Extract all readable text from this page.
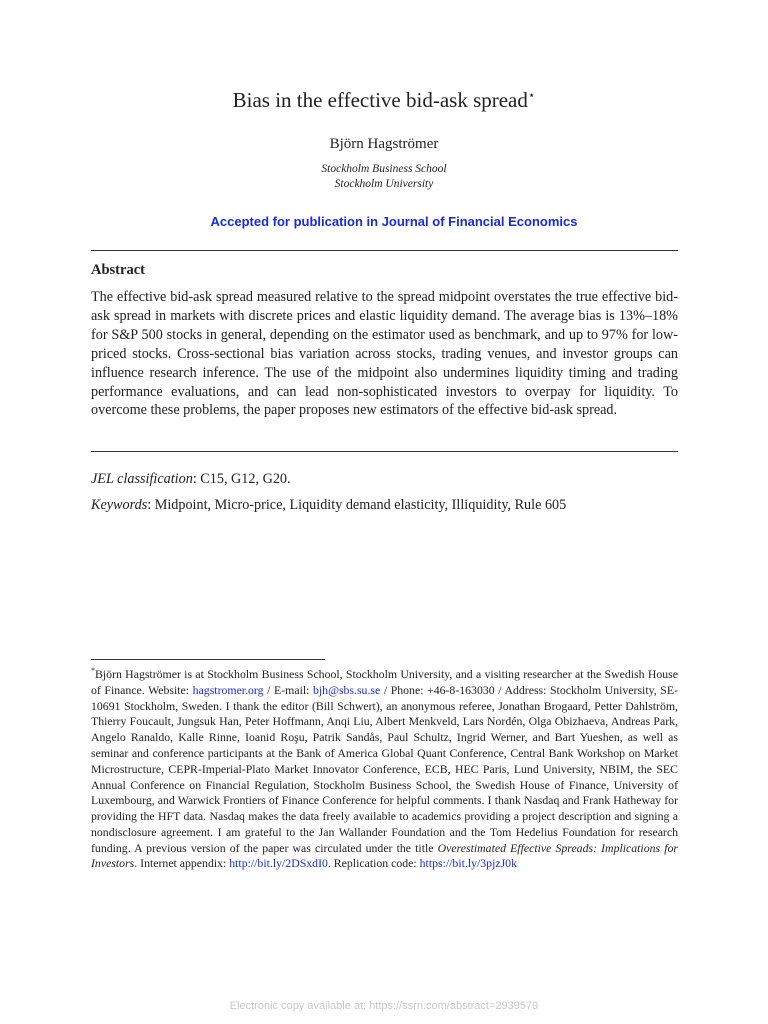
Bias in the effective bid-ask spread⋆
Björn Hagströmer
Stockholm Business School
Stockholm University
Accepted for publication in Journal of Financial Economics
Abstract
The effective bid-ask spread measured relative to the spread midpoint overstates the true effective bid-ask spread in markets with discrete prices and elastic liquidity demand. The average bias is 13%–18% for S&P 500 stocks in general, depending on the estimator used as benchmark, and up to 97% for low-priced stocks. Cross-sectional bias variation across stocks, trading venues, and investor groups can influence research inference. The use of the midpoint also undermines liquidity timing and trading performance evaluations, and can lead non-sophisticated investors to overpay for liquidity. To overcome these problems, the paper proposes new estimators of the effective bid-ask spread.
JEL classification: C15, G12, G20.
Keywords: Midpoint, Micro-price, Liquidity demand elasticity, Illiquidity, Rule 605
*Björn Hagströmer is at Stockholm Business School, Stockholm University, and a visiting researcher at the Swedish House of Finance. Website: hagstromer.org / E-mail: bjh@sbs.su.se / Phone: +46-8-163030 / Address: Stockholm University, SE-10691 Stockholm, Sweden. I thank the editor (Bill Schwert), an anonymous referee, Jonathan Brogaard, Petter Dahlström, Thierry Foucault, Jungsuk Han, Peter Hoffmann, Anqi Liu, Albert Menkveld, Lars Nordén, Olga Obizhaeva, Andreas Park, Angelo Ranaldo, Kalle Rinne, Ioanid Roşu, Patrik Sandås, Paul Schultz, Ingrid Werner, and Bart Yueshen, as well as seminar and conference participants at the Bank of America Global Quant Conference, Central Bank Workshop on Market Microstructure, CEPR-Imperial-Plato Market Innovator Conference, ECB, HEC Paris, Lund University, NBIM, the SEC Annual Conference on Financial Regulation, Stockholm Business School, the Swedish House of Finance, University of Luxembourg, and Warwick Frontiers of Finance Conference for helpful comments. I thank Nasdaq and Frank Hatheway for providing the HFT data. Nasdaq makes the data freely available to academics providing a project description and signing a nondisclosure agreement. I am grateful to the Jan Wallander Foundation and the Tom Hedelius Foundation for research funding. A previous version of the paper was circulated under the title Overestimated Effective Spreads: Implications for Investors. Internet appendix: http://bit.ly/2DSxdI0. Replication code: https://bit.ly/3pjzJ0k
Electronic copy available at: https://ssrn.com/abstract=2939579
